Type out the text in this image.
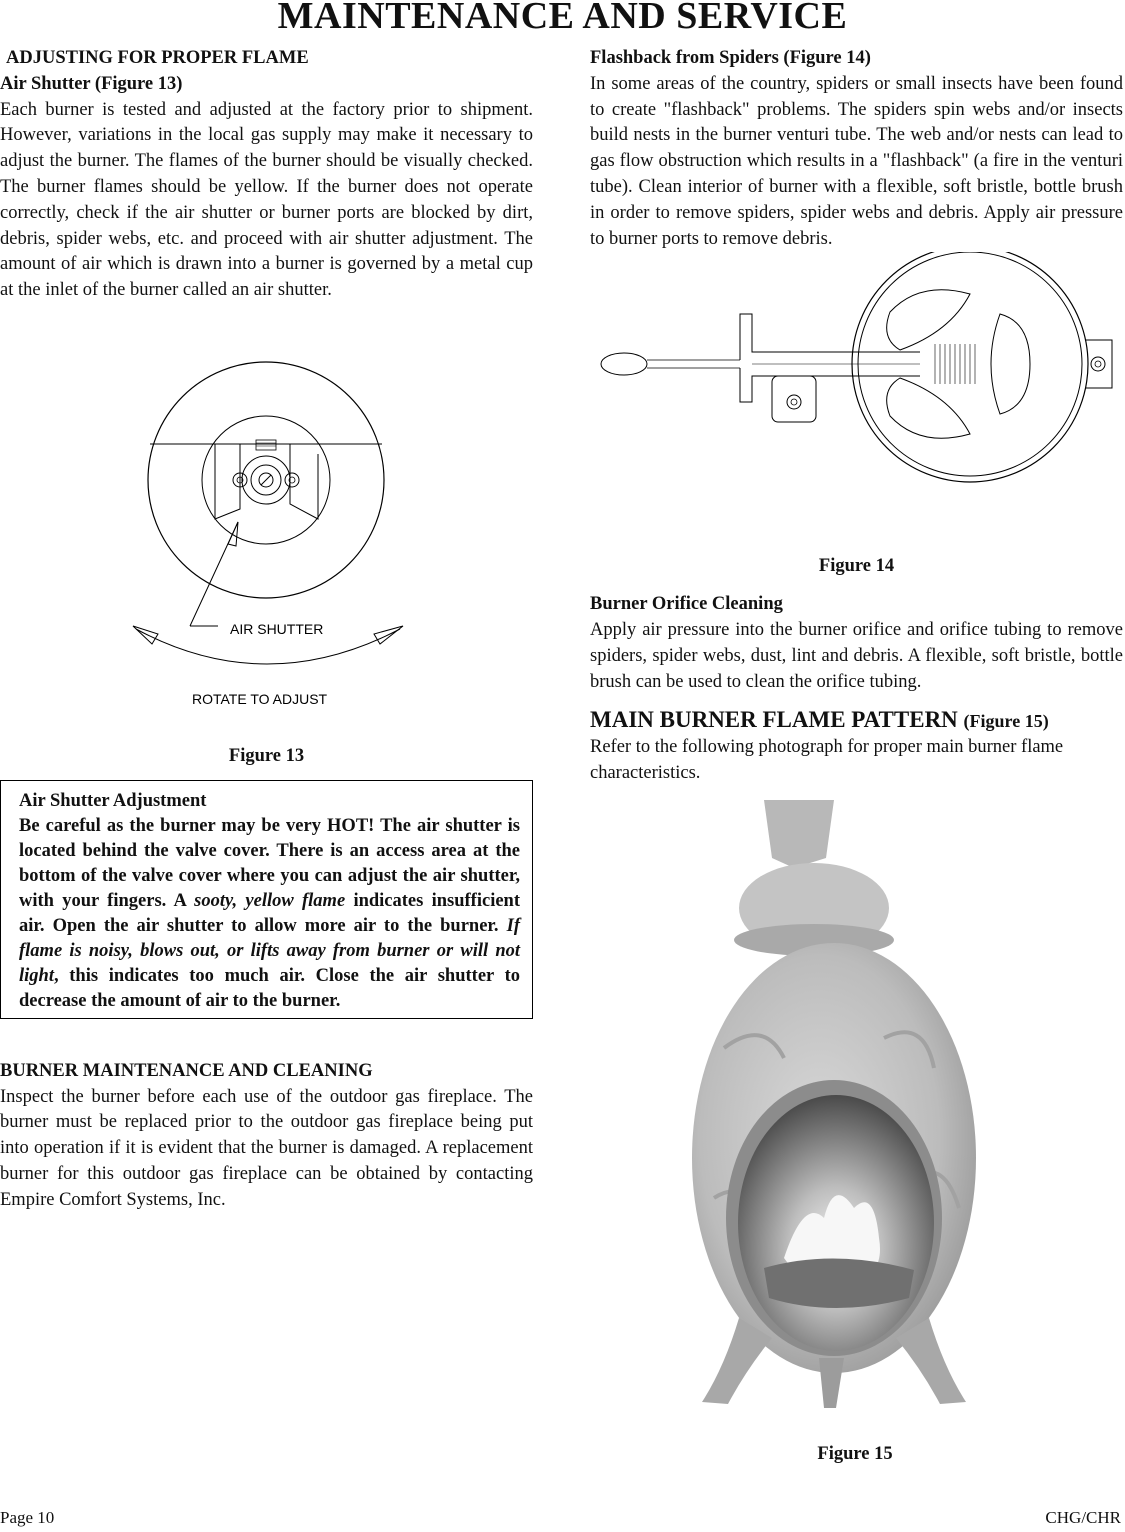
MAINTENANCE AND SERVICE

ADJUSTING FOR PROPER FLAME

Air Shutter (Figure 13)

Each burner is tested and adjusted at the factory prior to shipment. However, variations in the local gas supply may make it necessary to adjust the burner. The flames of the burner should be visually checked. The burner flames should be yellow. If the burner does not operate correctly, check if the air shutter or burner ports are blocked by dirt, debris, spider webs, etc. and proceed with air shutter adjustment. The amount of air which is drawn into a burner is governed by a metal cup at the inlet of the burner called an air shutter.

AIR SHUTTER
ROTATE TO ADJUST

Figure 13

Air Shutter Adjustment

Be careful as the burner may be very HOT! The air shutter is located behind the valve cover. There is an access area at the bottom of the valve cover where you can adjust the air shutter, with your fingers. A sooty, yellow flame indicates insufficient air. Open the air shutter to allow more air to the burner. If flame is noisy, blows out, or lifts away from burner or will not light, this indicates too much air. Close the air shutter to decrease the amount of air to the burner.

BURNER MAINTENANCE AND CLEANING

Inspect the burner before each use of the outdoor gas fireplace. The burner must be replaced prior to the outdoor gas fireplace being put into operation if it is evident that the burner is damaged. A replacement burner for this outdoor gas fireplace can be obtained by contacting Empire Comfort Systems, Inc.

Flashback from Spiders (Figure 14)

In some areas of the country, spiders or small insects have been found to create "flashback" problems. The spiders spin webs and/or insects build nests in the burner venturi tube. The web and/or nests can lead to gas flow obstruction which results in a "flashback" (a fire in the venturi tube). Clean interior of burner with a flexible, soft bristle, bottle brush in order to remove spiders, spider webs and debris. Apply air pressure to burner ports to remove debris.

Figure 14

Burner Orifice Cleaning

Apply air pressure into the burner orifice and orifice tubing to remove spiders, spider webs, dust, lint and debris. A flexible, soft bristle, bottle brush can be used to clean the orifice tubing.

MAIN BURNER FLAME PATTERN (Figure 15)

Refer to the following photograph for proper main burner flame characteristics.

Figure 15
Page 10	CHG/CHR
